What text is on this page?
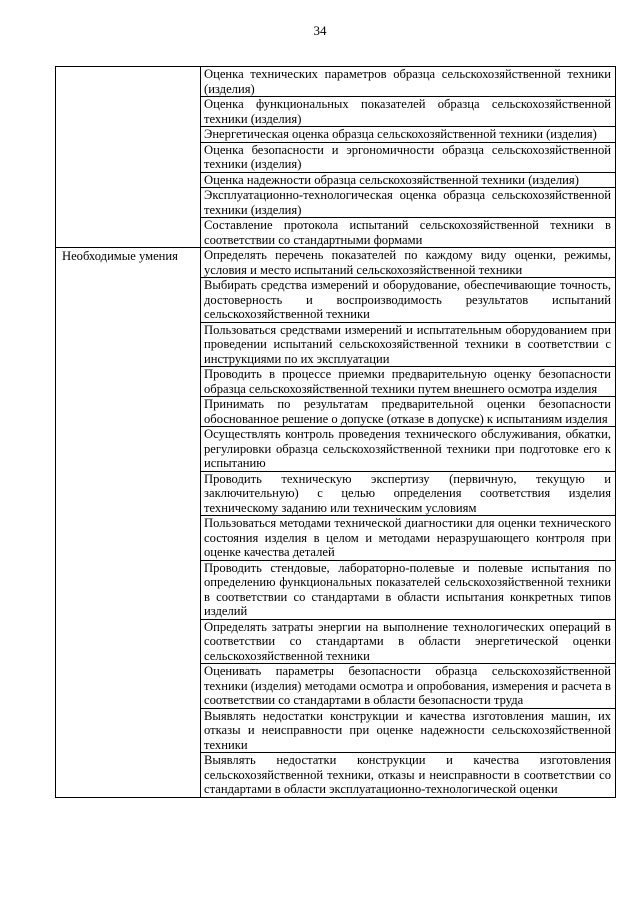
34
Оценка технических параметров образца сельскохозяйственной техники (изделия)
Оценка функциональных показателей образца сельскохозяйственной техники (изделия)
Энергетическая оценка образца сельскохозяйственной техники (изделия)
Оценка безопасности и эргономичности образца сельскохозяйственной техники (изделия)
Оценка надежности образца сельскохозяйственной техники (изделия)
Эксплуатационно-технологическая оценка образца сельскохозяйственной техники (изделия)
Составление протокола испытаний сельскохозяйственной техники в соответствии со стандартными формами
Необходимые умения	Определять перечень показателей по каждому виду оценки, режимы, условия и место испытаний сельскохозяйственной техники
Выбирать средства измерений и оборудование, обеспечивающие точность, достоверность и воспроизводимость результатов испытаний сельскохозяйственной техники
Пользоваться средствами измерений и испытательным оборудованием при проведении испытаний сельскохозяйственной техники в соответствии с инструкциями по их эксплуатации
Проводить в процессе приемки предварительную оценку безопасности образца сельскохозяйственной техники путем внешнего осмотра изделия
Принимать по результатам предварительной оценки безопасности обоснованное решение о допуске (отказе в допуске) к испытаниям изделия
Осуществлять контроль проведения технического обслуживания, обкатки, регулировки образца сельскохозяйственной техники при подготовке его к испытанию
Проводить техническую экспертизу (первичную, текущую и заключительную) с целью определения соответствия изделия техническому заданию или техническим условиям
Пользоваться методами технической диагностики для оценки технического состояния изделия в целом и методами неразрушающего контроля при оценке качества деталей
Проводить стендовые, лабораторно-полевые и полевые испытания по определению функциональных показателей сельскохозяйственной техники в соответствии со стандартами в области испытания конкретных типов изделий
Определять затраты энергии на выполнение технологических операций в соответствии со стандартами в области энергетической оценки сельскохозяйственной техники
Оценивать параметры безопасности образца сельскохозяйственной техники (изделия) методами осмотра и опробования, измерения и расчета в соответствии со стандартами в области безопасности труда
Выявлять недостатки конструкции и качества изготовления машин, их отказы и неисправности при оценке надежности сельскохозяйственной техники
Выявлять недостатки конструкции и качества изготовления сельскохозяйственной техники, отказы и неисправности в соответствии со стандартами в области эксплуатационно-технологической оценки
